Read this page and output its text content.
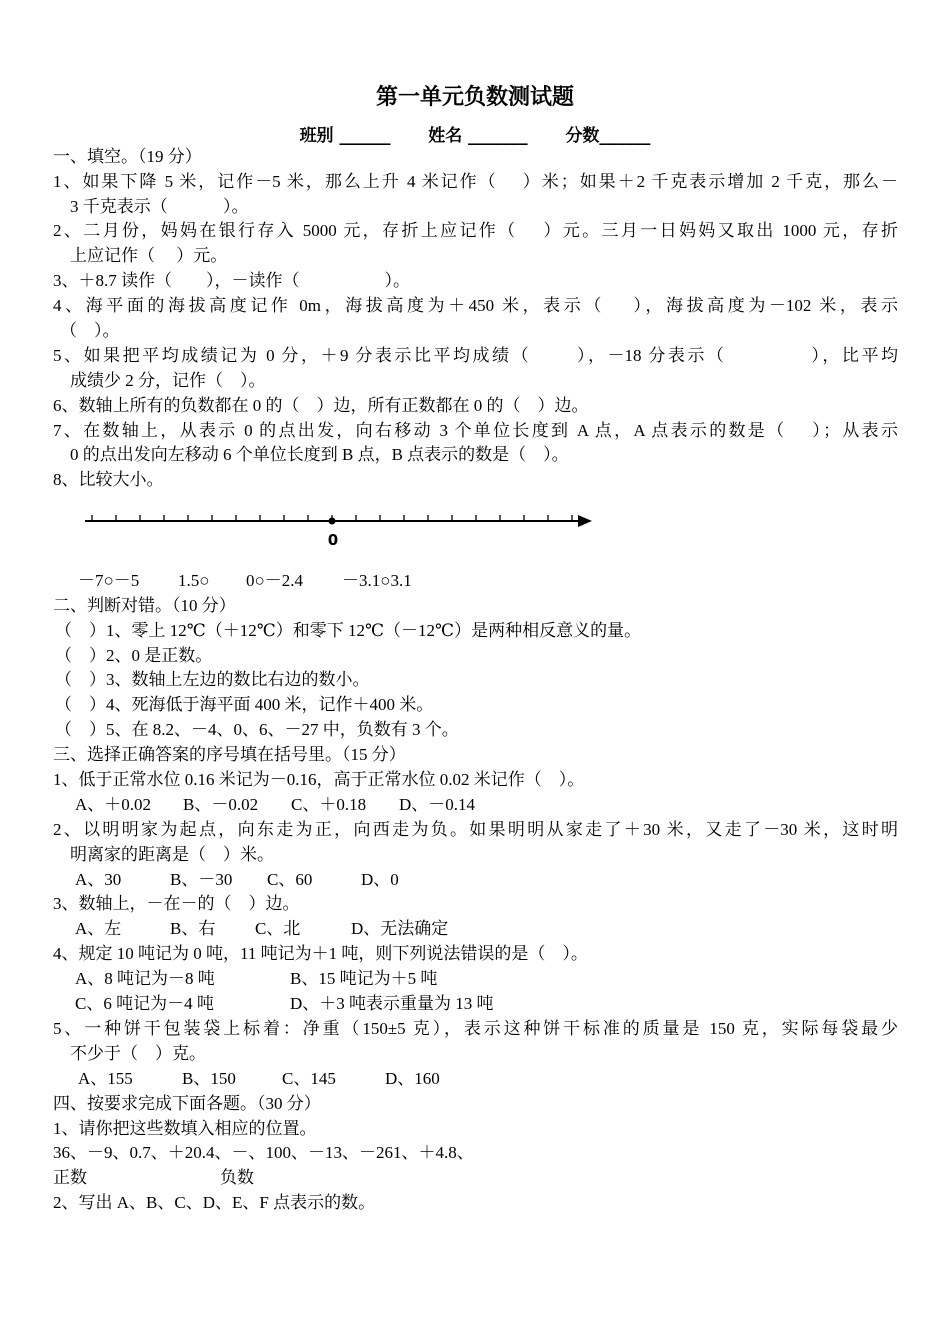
第一单元负数测试题
班别 ______ 姓名 _______ 分数______
一、填空。（19 分）
1、如果下降 5 米，记作－5 米，那么上升 4 米记作（　 ）米；如果＋2 千克表示增加 2 千克，那么－
3 千克表示（　　　 ）。
2、二月份，妈妈在银行存入 5000 元，存折上应记作（　 ）元。三月一日妈妈又取出 1000 元，存折
上应记作（　 ）元。
3、＋8.7 读作（　　），－读作（　　　　　）。
4、海平面的海拔高度记作 0m，海拔高度为＋450 米，表示（　 ），海拔高度为－102 米，表示
（　）。
5、如果把平均成绩记为 0 分，＋9 分表示比平均成绩（　　 ），－18 分表示（　　　　 ），比平均
成绩少 2 分，记作（　）。
6、数轴上所有的负数都在 0 的（　）边，所有正数都在 0 的（　）边。
7、在数轴上，从表示 0 的点出发，向右移动 3 个单位长度到 A 点，A 点表示的数是（　 ）；从表示
0 的点出发向左移动 6 个单位长度到 B 点，B 点表示的数是（　）。
8、比较大小。
0
－7○－5 1.5○ 0○－2.4 －3.1○3.1
二、判断对错。（10 分）
（　）1、零上 12℃（＋12℃）和零下 12℃（－12℃）是两种相反意义的量。
（　）2、0 是正数。
（　）3、数轴上左边的数比右边的数小。
（　）4、死海低于海平面 400 米，记作＋400 米。
（　）5、在 8.2、－4、0、6、－27 中，负数有 3 个。
三、选择正确答案的序号填在括号里。（15 分）
1、低于正常水位 0.16 米记为－0.16，高于正常水位 0.02 米记作（　）。
A、＋0.02 B、－0.02 C、＋0.18 D、－0.14
2、以明明家为起点，向东走为正，向西走为负。如果明明从家走了＋30 米，又走了－30 米，这时明
明离家的距离是（　）米。
A、30	B、－30 C、60	D、0
3、数轴上，－在－的（　）边。
A、左	B、右 C、北	D、无法确定
4、规定 10 吨记为 0 吨，11 吨记为＋1 吨，则下列说法错误的是（　）。
A、8 吨记为－8 吨	B、15 吨记为＋5 吨
C、6 吨记为－4 吨	D、＋3 吨表示重量为 13 吨
5、一种饼干包装袋上标着：净重（150±5 克），表示这种饼干标准的质量是 150 克，实际每袋最少
不少于（　）克。
A、155	B、150	C、145	D、160
四、按要求完成下面各题。（30 分）
1、请你把这些数填入相应的位置。
36、－9、0.7、＋20.4、－、100、－13、－261、＋4.8、
正数	负数
2、写出 A、B、C、D、E、F 点表示的数。
